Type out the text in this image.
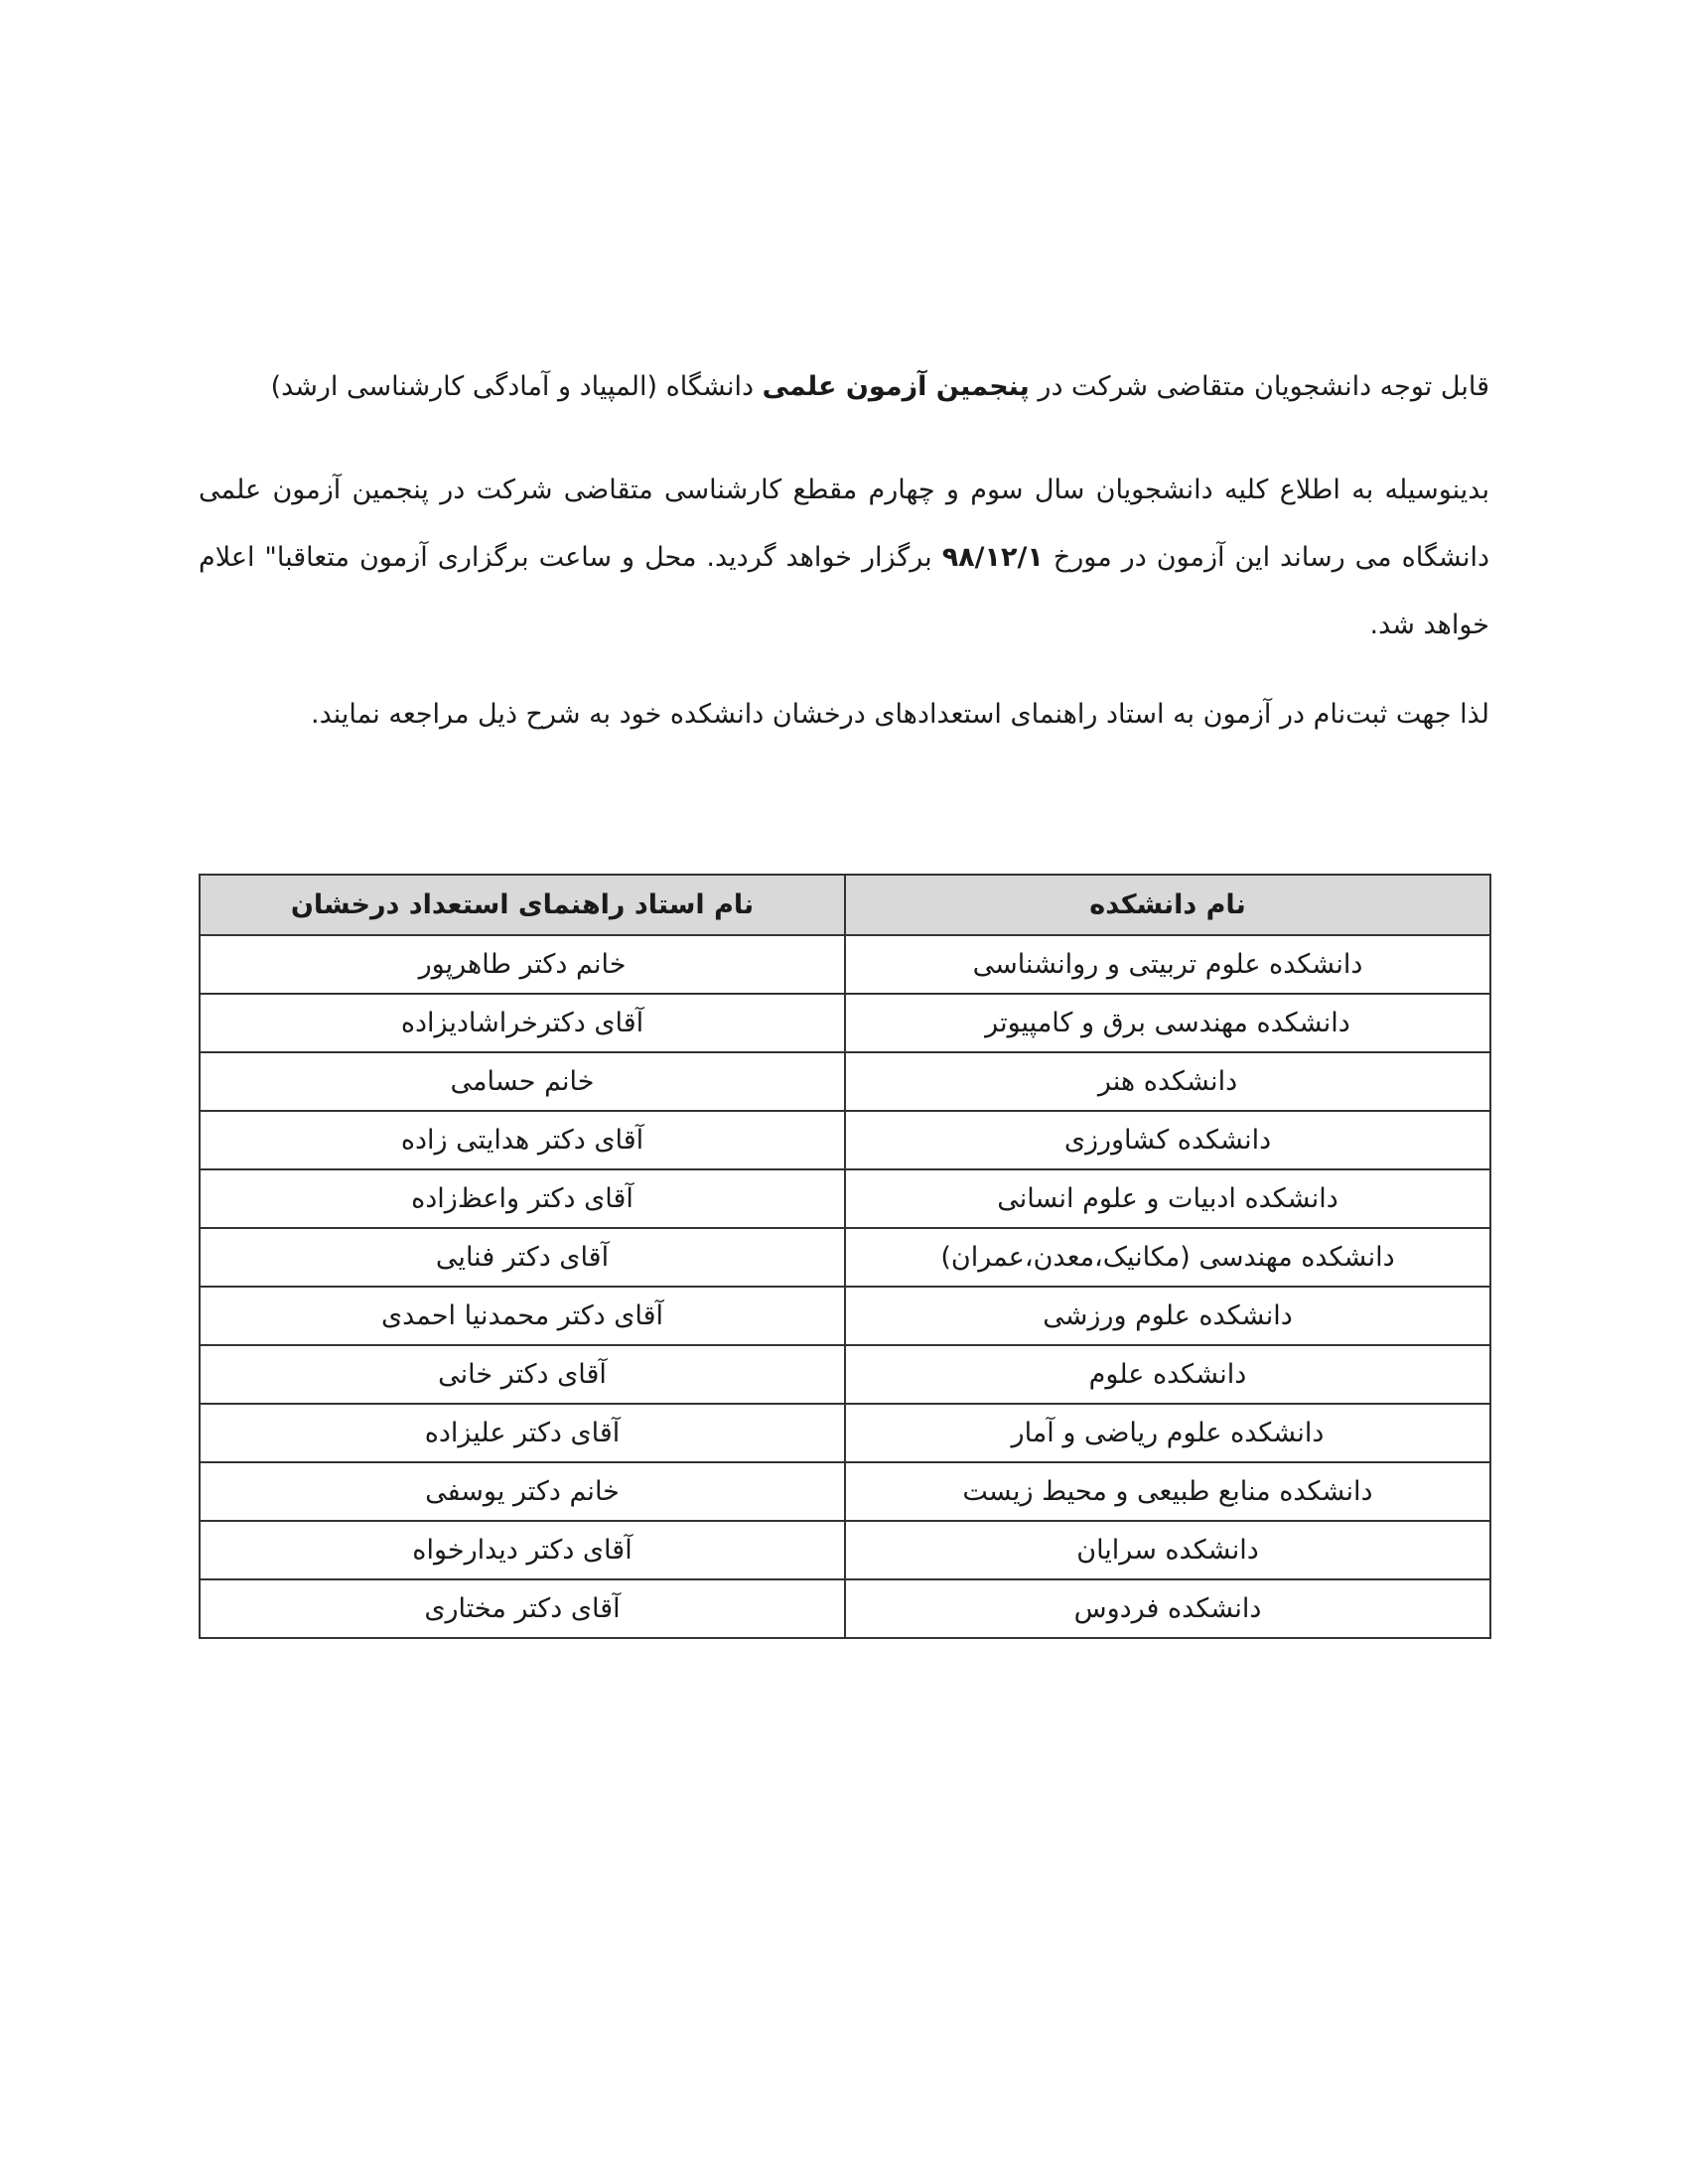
قابل توجه دانشجویان متقاضی شرکت در پنجمین آزمون علمی دانشگاه (المپیاد و آمادگی کارشناسی ارشد)

بدینوسیله به اطلاع کلیه دانشجویان سال سوم و چهارم مقطع کارشناسی متقاضی شرکت در پنجمین آزمون علمی دانشگاه می رساند این آزمون در مورخ ۹۸/۱۲/۱ برگزار خواهد گردید. محل و ساعت برگزاری آزمون متعاقبا" اعلام خواهد شد.

لذا جهت ثبت‌نام در آزمون به استاد راهنمای استعدادهای درخشان دانشکده خود به شرح ذیل مراجعه نمایند.

نام دانشکده	نام استاد راهنمای استعداد درخشان
دانشکده علوم تربیتی و روانشناسی	خانم دکتر طاهرپور
دانشکده مهندسی برق و کامپیوتر	آقای دکترخراشادیزاده
دانشکده هنر	خانم حسامی
دانشکده کشاورزی	آقای دکتر هدایتی زاده
دانشکده ادبیات و علوم انسانی	آقای دکتر واعظ‌زاده
دانشکده مهندسی (مکانیک،معدن،عمران)	آقای دکتر فنایی
دانشکده علوم ورزشی	آقای دکتر محمدنیا احمدی
دانشکده علوم	آقای دکتر خانی
دانشکده علوم ریاضی و آمار	آقای دکتر علیزاده
دانشکده منابع طبیعی و محیط زیست	خانم دکتر یوسفی
دانشکده سرایان	آقای دکتر دیدارخواه
دانشکده فردوس	آقای دکتر مختاری
